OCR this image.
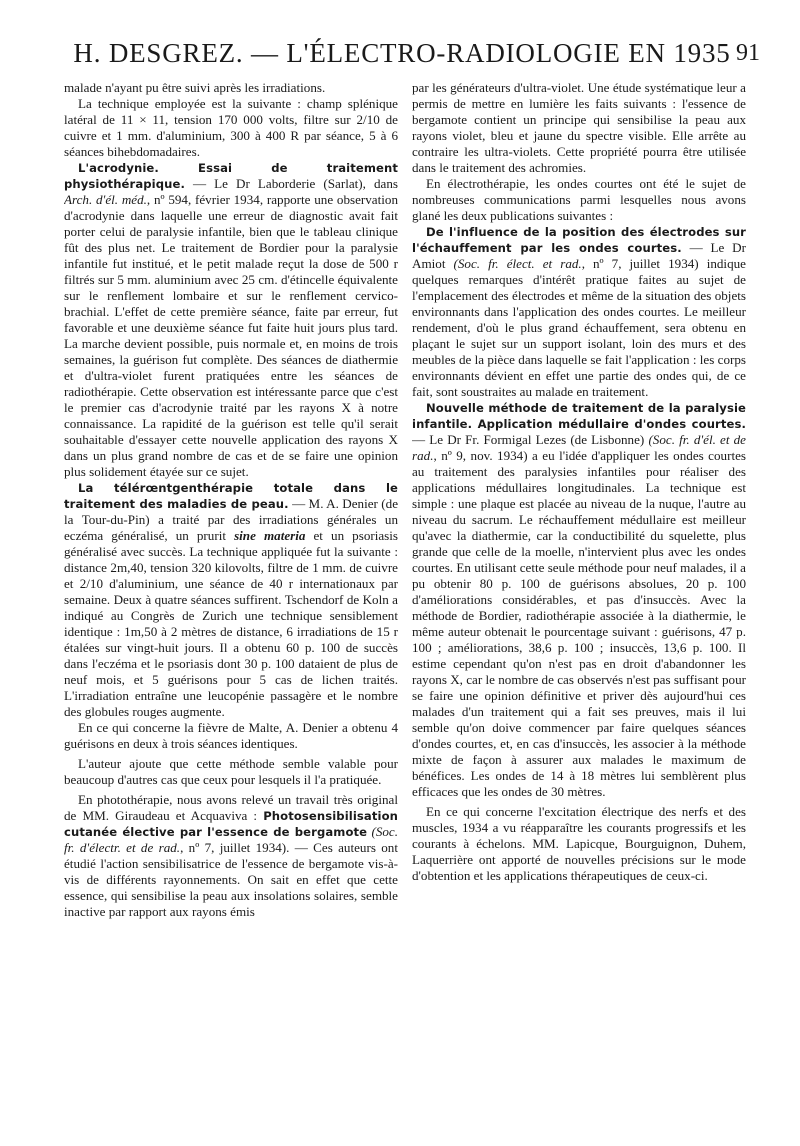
H. DESGREZ. — L'ÉLECTRO-RADIOLOGIE EN 1935 91

malade n'ayant pu être suivi après les irradiations.

La technique employée est la suivante : champ splénique latéral de 11 × 11, tension 170 000 volts, filtre sur 2/10 de cuivre et 1 mm. d'aluminium, 300 à 400 R par séance, 5 à 6 séances bihebdomadaires.

L'acrodynie. Essai de traitement physiothérapique. — Le Dr Laborderie (Sarlat), dans Arch. d'él. méd., nº 594, février 1934, rapporte une observation d'acrodynie dans laquelle une erreur de diagnostic avait fait porter celui de paralysie infantile, bien que le tableau clinique fût des plus net. Le traitement de Bordier pour la paralysie infantile fut institué, et le petit malade reçut la dose de 500 r filtrés sur 5 mm. aluminium avec 25 cm. d'étincelle équivalente sur le renflement lombaire et sur le renflement cervico-brachial. L'effet de cette première séance, faite par erreur, fut favorable et une deuxième séance fut faite huit jours plus tard. La marche devient possible, puis normale et, en moins de trois semaines, la guérison fut complète. Des séances de diathermie et d'ultra-violet furent pratiquées entre les séances de radiothérapie. Cette observation est intéressante parce que c'est le premier cas d'acrodynie traité par les rayons X à notre connaissance. La rapidité de la guérison est telle qu'il serait souhaitable d'essayer cette nouvelle application des rayons X dans un plus grand nombre de cas et de se faire une opinion plus solidement étayée sur ce sujet.

La télérœntgenthérapie totale dans le traitement des maladies de peau. — M. A. Denier (de la Tour-du-Pin) a traité par des irradiations générales un eczéma généralisé, un prurit sine materia et un psoriasis généralisé avec succès. La technique appliquée fut la suivante : distance 2m,40, tension 320 kilovolts, filtre de 1 mm. de cuivre et 2/10 d'aluminium, une séance de 40 r internationaux par semaine. Deux à quatre séances suffirent. Tschendorf de Koln a indiqué au Congrès de Zurich une technique sensiblement identique : 1m,50 à 2 mètres de distance, 6 irradiations de 15 r étalées sur vingt-huit jours. Il a obtenu 60 p. 100 de succès dans l'eczéma et le psoriasis dont 30 p. 100 dataient de plus de neuf mois, et 5 guérisons pour 5 cas de lichen traités. L'irradiation entraîne une leucopénie passagère et le nombre des globules rouges augmente.

En ce qui concerne la fièvre de Malte, A. Denier a obtenu 4 guérisons en deux à trois séances identiques.

L'auteur ajoute que cette méthode semble valable pour beaucoup d'autres cas que ceux pour lesquels il l'a pratiquée.

En photothérapie, nous avons relevé un travail très original de MM. Giraudeau et Acquaviva : Photosensibilisation cutanée élective par l'essence de bergamote (Soc. fr. d'électr. et de rad., nº 7, juillet 1934). — Ces auteurs ont étudié l'action sensibilisatrice de l'essence de bergamote vis-à-vis de différents rayonnements. On sait en effet que cette essence, qui sensibilise la peau aux insolations solaires, semble inactive par rapport aux rayons émis

par les générateurs d'ultra-violet. Une étude systématique leur a permis de mettre en lumière les faits suivants : l'essence de bergamote contient un principe qui sensibilise la peau aux rayons violet, bleu et jaune du spectre visible. Elle arrête au contraire les ultra-violets. Cette propriété pourra être utilisée dans le traitement des achromies.

En électrothérapie, les ondes courtes ont été le sujet de nombreuses communications parmi lesquelles nous avons glané les deux publications suivantes :

De l'influence de la position des électrodes sur l'échauffement par les ondes courtes. — Le Dr Amiot (Soc. fr. élect. et rad., nº 7, juillet 1934) indique quelques remarques d'intérêt pratique faites au sujet de l'emplacement des électrodes et même de la situation des objets environnants dans l'application des ondes courtes. Le meilleur rendement, d'où le plus grand échauffement, sera obtenu en plaçant le sujet sur un support isolant, loin des murs et des meubles de la pièce dans laquelle se fait l'application : les corps environnants dévient en effet une partie des ondes qui, de ce fait, sont soustraites au malade en traitement.

Nouvelle méthode de traitement de la paralysie infantile. Application médullaire d'ondes courtes. — Le Dr Fr. Formigal Lezes (de Lisbonne) (Soc. fr. d'él. et de rad., nº 9, nov. 1934) a eu l'idée d'appliquer les ondes courtes au traitement des paralysies infantiles pour réaliser des applications médullaires longitudinales. La technique est simple : une plaque est placée au niveau de la nuque, l'autre au niveau du sacrum. Le réchauffement médullaire est meilleur qu'avec la diathermie, car la conductibilité du squelette, plus grande que celle de la moelle, n'intervient plus avec les ondes courtes. En utilisant cette seule méthode pour neuf malades, il a pu obtenir 80 p. 100 de guérisons absolues, 20 p. 100 d'améliorations considérables, et pas d'insuccès. Avec la méthode de Bordier, radiothérapie associée à la diathermie, le même auteur obtenait le pourcentage suivant : guérisons, 47 p. 100 ; améliorations, 38,6 p. 100 ; insuccès, 13,6 p. 100. Il estime cependant qu'on n'est pas en droit d'abandonner les rayons X, car le nombre de cas observés n'est pas suffisant pour se faire une opinion définitive et priver dès aujourd'hui ces malades d'un traitement qui a fait ses preuves, mais il lui semble qu'on doive commencer par faire quelques séances d'ondes courtes, et, en cas d'insuccès, les associer à la méthode mixte de façon à assurer aux malades le maximum de bénéfices. Les ondes de 14 à 18 mètres lui semblèrent plus efficaces que les ondes de 30 mètres.

En ce qui concerne l'excitation électrique des nerfs et des muscles, 1934 a vu réapparaître les courants progressifs et les courants à échelons. MM. Lapicque, Bourguignon, Duhem, Laquerrière ont apporté de nouvelles précisions sur le mode d'obtention et les applications thérapeutiques de ceux-ci.
